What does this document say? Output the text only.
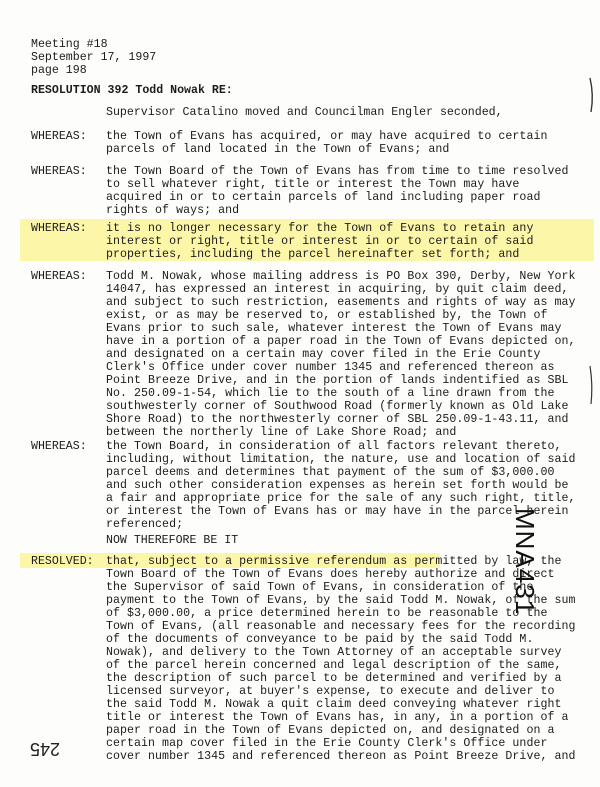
Meeting #18
September 17, 1997
page 198
RESOLUTION 392 Todd Nowak RE:
Supervisor Catalino moved and Councilman Engler seconded,
WHEREAS: the Town of Evans has acquired, or may have acquired to certain
parcels of land located in the Town of Evans; and
WHEREAS: the Town Board of the Town of Evans has from time to time resolved
to sell whatever right, title or interest the Town may have
acquired in or to certain parcels of land including paper road
rights of ways; and
WHEREAS: it is no longer necessary for the Town of Evans to retain any
interest or right, title or interest in or to certain of said
properties, including the parcel hereinafter set forth; and
WHEREAS: Todd M. Nowak, whose mailing address is PO Box 390, Derby, New York
14047, has expressed an interest in acquiring, by quit claim deed,
and subject to such restriction, easements and rights of way as may
exist, or as may be reserved to, or established by, the Town of
Evans prior to such sale, whatever interest the Town of Evans may
have in a portion of a paper road in the Town of Evans depicted on,
and designated on a certain may cover filed in the Erie County
Clerk's Office under cover number 1345 and referenced thereon as
Point Breeze Drive, and in the portion of lands indentified as SBL
No. 250.09-1-54, which lie to the south of a line drawn from the
southwesterly corner of Southwood Road (formerly known as Old Lake
Shore Road) to the northwesterly corner of SBL 250.09-1-43.11, and
between the northerly line of Lake Shore Road; and
WHEREAS: the Town Board, in consideration of all factors relevant thereto,
including, without limitation, the nature, use and location of said
parcel deems and determines that payment of the sum of $3,000.00
and such other consideration expenses as herein set forth would be
a fair and appropriate price for the sale of any such right, title,
or interest the Town of Evans has or may have in the parcel herein
referenced;
NOW THEREFORE BE IT
RESOLVED: that, subject to a permissive referendum as permitted by law, the
Town Board of the Town of Evans does hereby authorize and direct
the Supervisor of said Town of Evans, in consideration of the
payment to the Town of Evans, by the said Todd M. Nowak, of the sum
of $3,000.00, a price determined herein to be reasonable to the
Town of Evans, (all reasonable and necessary fees for the recording
of the documents of conveyance to be paid by the said Todd M.
Nowak), and delivery to the Town Attorney of an acceptable survey
of the parcel herein concerned and legal description of the same,
the description of such parcel to be determined and verified by a
licensed surveyor, at buyer's expense, to execute and deliver to
the said Todd M. Nowak a quit claim deed conveying whatever right
title or interest the Town of Evans has, in any, in a portion of a
paper road in the Town of Evans depicted on, and designated on a
certain map cover filed in the Erie County Clerk's Office under
cover number 1345 and referenced thereon as Point Breeze Drive, and
MNA431
245
